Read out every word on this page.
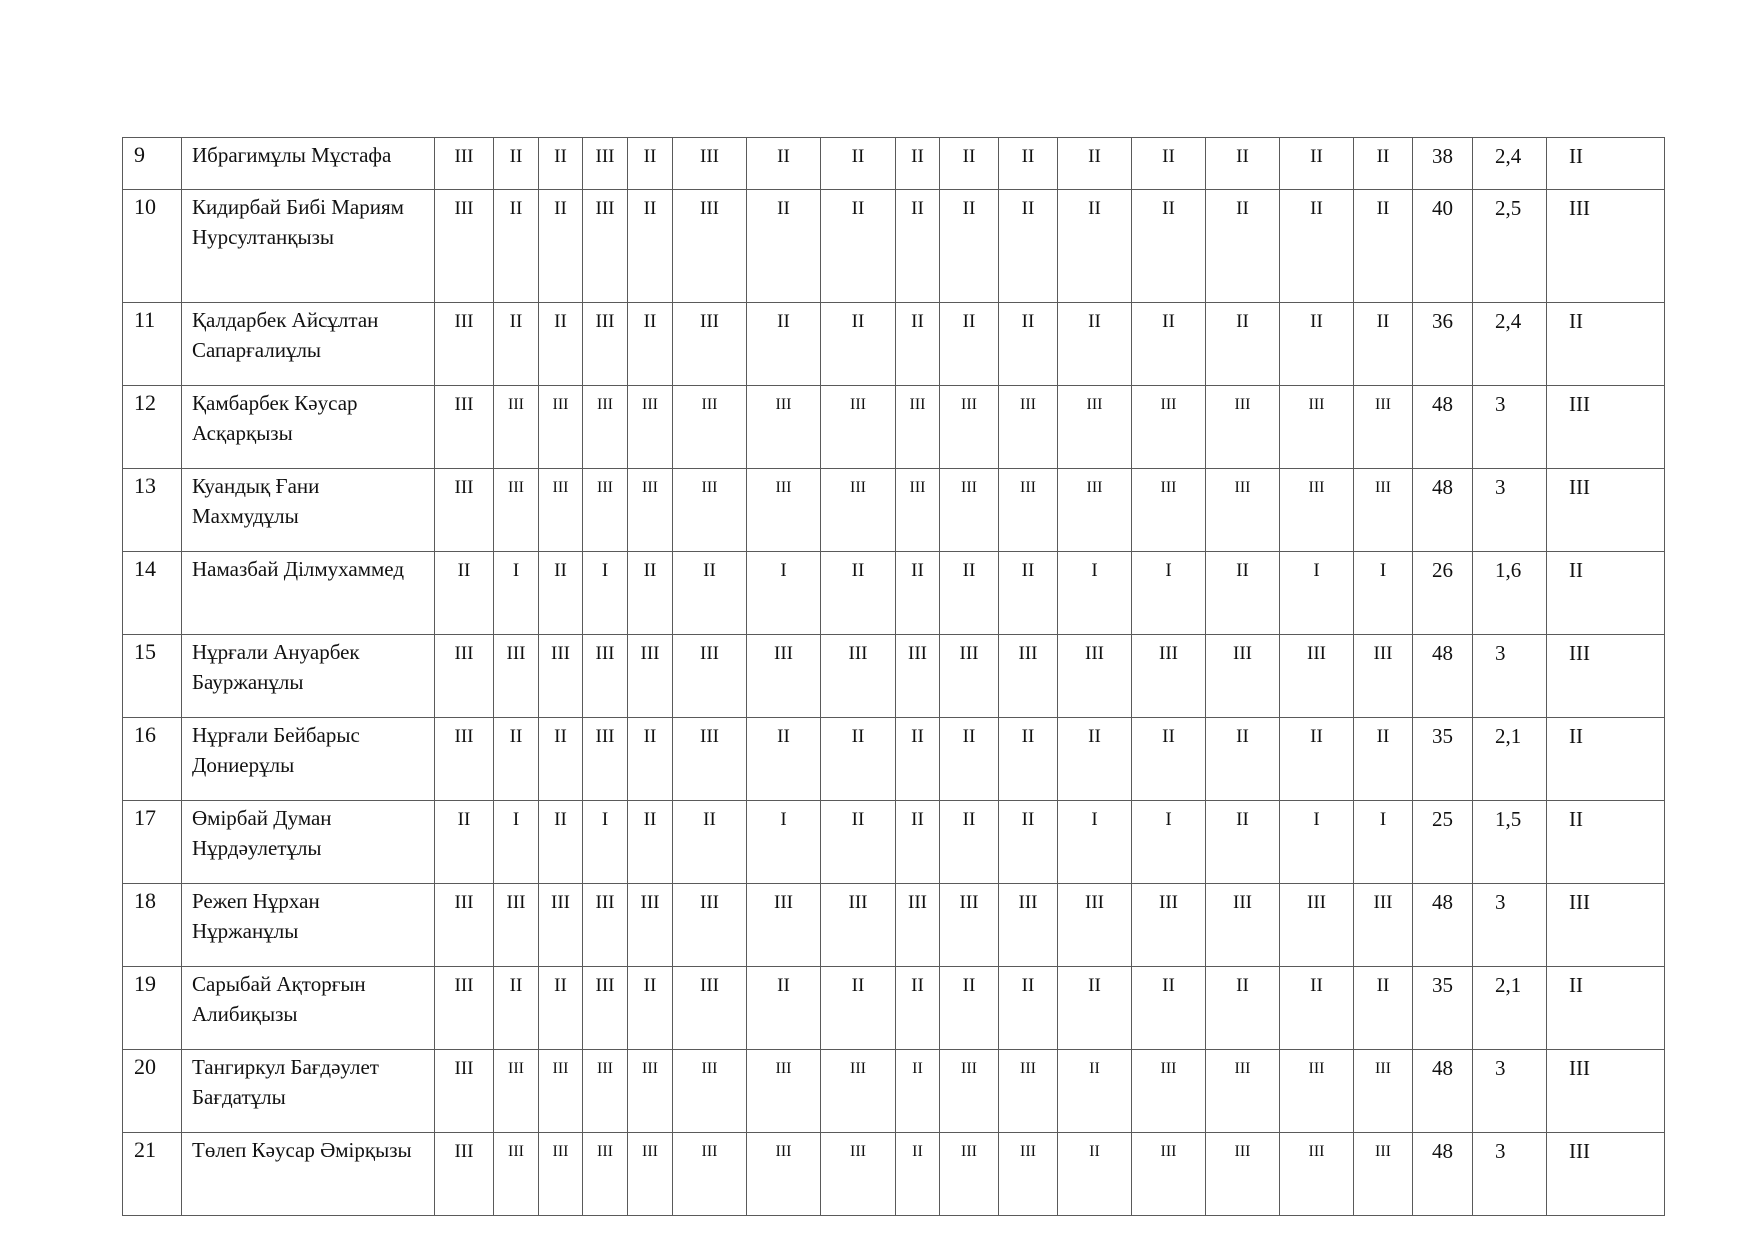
9	Ибрагимұлы Мұстафа	III	II	II	III	II	III	II	II	II	II	II	II	II	II	II	II	38	2,4	II
10	Кидирбай Бибі Мариям Нурсултанқызы	III	II	II	III	II	III	II	II	II	II	II	II	II	II	II	II	40	2,5	III
11	Қалдарбек Айсұлтан Сапарғалиұлы	III	II	II	III	II	III	II	II	II	II	II	II	II	II	II	II	36	2,4	II
12	Қамбарбек Кәусар Асқарқызы	III	III	III	III	III	III	III	III	III	III	III	III	III	III	III	III	48	3	III
13	Куандық Ғани Махмудұлы	III	III	III	III	III	III	III	III	III	III	III	III	III	III	III	III	48	3	III
14	Намазбай Ділмухаммед	II	I	II	I	II	II	I	II	II	II	II	I	I	II	I	I	26	1,6	II
15	Нұрғали Ануарбек Бауржанұлы	III	III	III	III	III	III	III	III	III	III	III	III	III	III	III	III	48	3	III
16	Нұрғали Бейбарыс Дониерұлы	III	II	II	III	II	III	II	II	II	II	II	II	II	II	II	II	35	2,1	II
17	Өмірбай Думан Нұрдәулетұлы	II	I	II	I	II	II	I	II	II	II	II	I	I	II	I	I	25	1,5	II
18	Режеп Нұрхан Нұржанұлы	III	III	III	III	III	III	III	III	III	III	III	III	III	III	III	III	48	3	III
19	Сарыбай Ақторғын Алибиқызы	III	II	II	III	II	III	II	II	II	II	II	II	II	II	II	II	35	2,1	II
20	Тангиркул Бағдәулет Бағдатұлы	III	III	III	III	III	III	III	III	II	III	III	II	III	III	III	III	48	3	III
21	Төлеп Кәусар Әмірқызы	III	III	III	III	III	III	III	III	II	III	III	II	III	III	III	III	48	3	III
